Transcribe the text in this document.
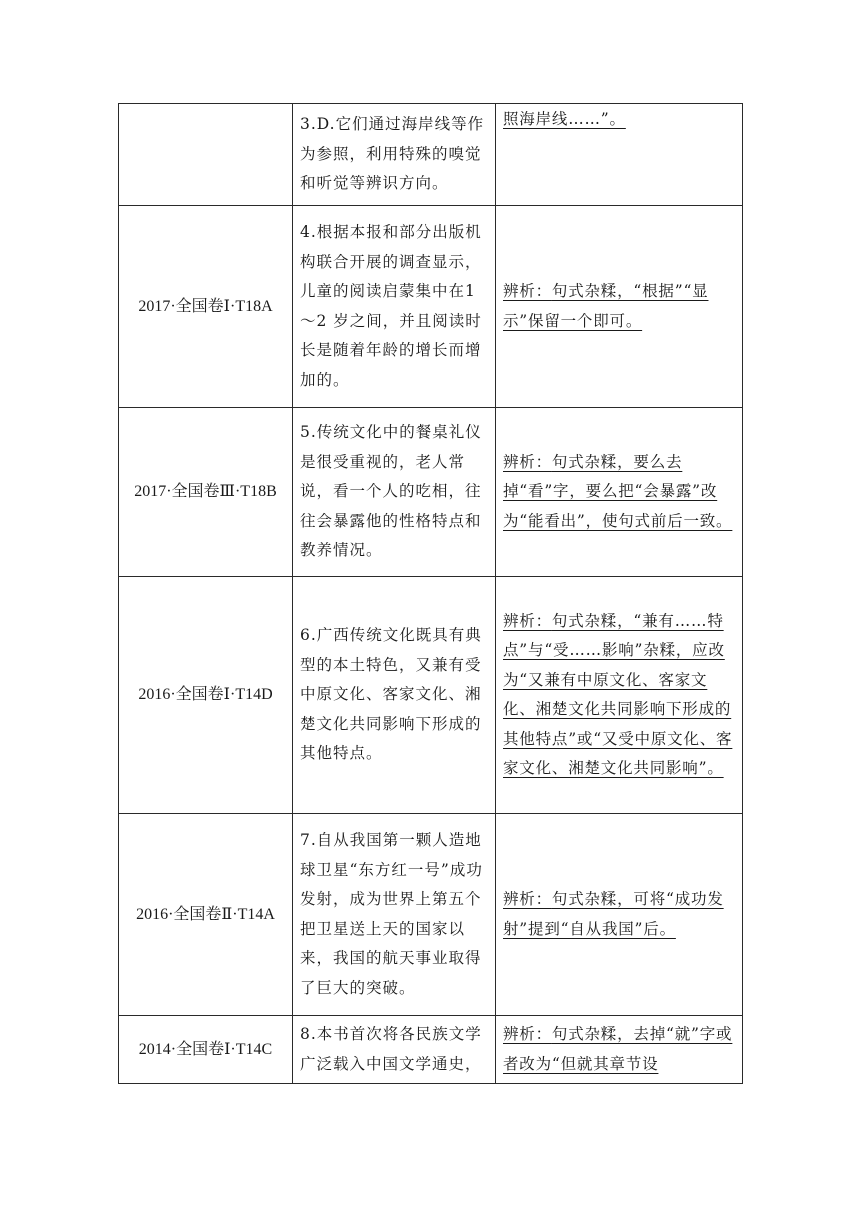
	3.D.它们通过海岸线等作为参照，利用特殊的嗅觉和听觉等辨识方向。	照海岸线……”。
2017·全国卷Ⅰ·T18A	4.根据本报和部分出版机构联合开展的调查显示，儿童的阅读启蒙集中在1～2 岁之间，并且阅读时长是随着年龄的增长而增加的。	辨析：句式杂糅，“根据”“显示”保留一个即可。
2017·全国卷Ⅲ·T18B	5.传统文化中的餐桌礼仪是很受重视的，老人常说，看一个人的吃相，往往会暴露他的性格特点和教养情况。	辨析：句式杂糅，要么去掉“看”字，要么把“会暴露”改为“能看出”，使句式前后一致。
2016·全国卷Ⅰ·T14D	6.广西传统文化既具有典型的本土特色，又兼有受中原文化、客家文化、湘楚文化共同影响下形成的其他特点。	辨析：句式杂糅，“兼有……特点”与“受……影响”杂糅，应改为“又兼有中原文化、客家文化、湘楚文化共同影响下形成的其他特点”或“又受中原文化、客家文化、湘楚文化共同影响”。
2016·全国卷Ⅱ·T14A	7.自从我国第一颗人造地球卫星“东方红一号”成功发射，成为世界上第五个把卫星送上天的国家以来，我国的航天事业取得了巨大的突破。	辨析：句式杂糅，可将“成功发射”提到“自从我国”后。
2014·全国卷Ⅰ·T14C	8.本书首次将各民族文学广泛载入中国文学通史，	辨析：句式杂糅，去掉“就”字或者改为“但就其章节设
